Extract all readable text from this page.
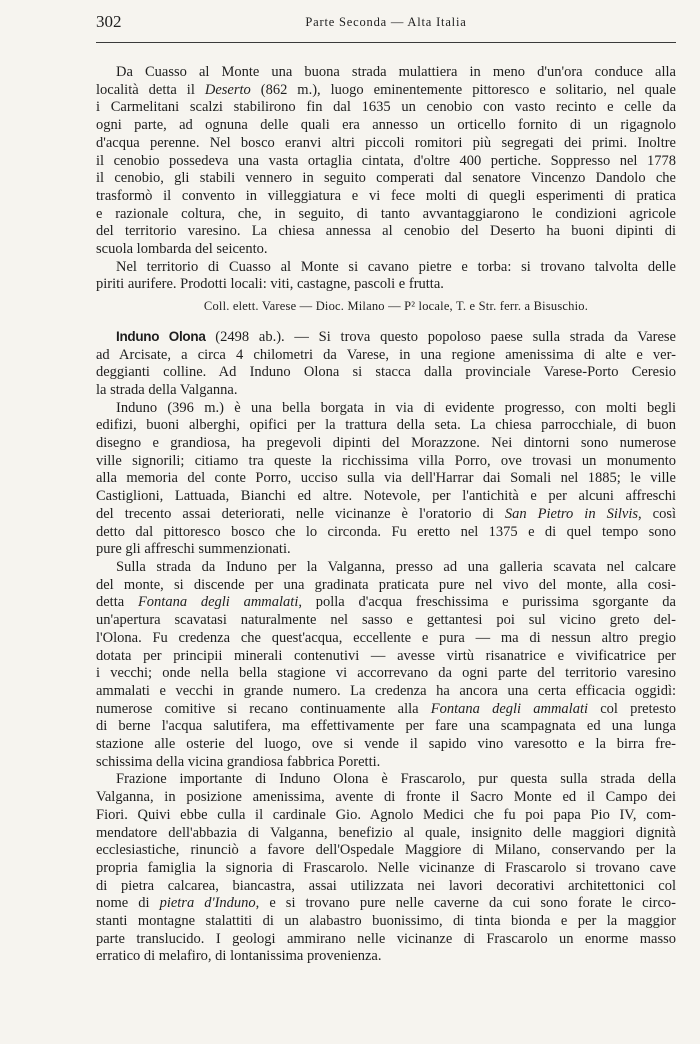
302	Parte Seconda — Alta Italia
Da Cuasso al Monte una buona strada mulattiera in meno d'un'ora conduce alla
località detta il Deserto (862 m.), luogo eminentemente pittoresco e solitario, nel quale
i Carmelitani scalzi stabilirono fin dal 1635 un cenobio con vasto recinto e celle da
ogni parte, ad ognuna delle quali era annesso un orticello fornito di un rigagnolo
d'acqua perenne. Nel bosco eranvi altri piccoli romitori più segregati dei primi. Inoltre
il cenobio possedeva una vasta ortaglia cintata, d'oltre 400 pertiche. Soppresso nel 1778
il cenobio, gli stabili vennero in seguito comperati dal senatore Vincenzo Dandolo che
trasformò il convento in villeggiatura e vi fece molti di quegli esperimenti di pratica
e razionale coltura, che, in seguito, di tanto avvantaggiarono le condizioni agricole
del territorio varesino. La chiesa annessa al cenobio del Deserto ha buoni dipinti di
scuola lombarda del seicento.
Nel territorio di Cuasso al Monte si cavano pietre e torba: si trovano talvolta delle
piriti aurifere. Prodotti locali: viti, castagne, pascoli e frutta.
Coll. elett. Varese — Dioc. Milano — P² locale, T. e Str. ferr. a Bisuschio.
Induno Olona (2498 ab.). — Si trova questo popoloso paese sulla strada da Varese
ad Arcisate, a circa 4 chilometri da Varese, in una regione amenissima di alte e ver-
deggianti colline. Ad Induno Olona si stacca dalla provinciale Varese-Porto Ceresio
la strada della Valganna.
Induno (396 m.) è una bella borgata in via di evidente progresso, con molti begli
edifizi, buoni alberghi, opifici per la trattura della seta. La chiesa parrocchiale, di buon
disegno e grandiosa, ha pregevoli dipinti del Morazzone. Nei dintorni sono numerose
ville signorili; citiamo tra queste la ricchissima villa Porro, ove trovasi un monumento
alla memoria del conte Porro, ucciso sulla via dell'Harrar dai Somali nel 1885; le ville
Castiglioni, Lattuada, Bianchi ed altre. Notevole, per l'antichità e per alcuni affreschi
del trecento assai deteriorati, nelle vicinanze è l'oratorio di San Pietro in Silvis, così
detto dal pittoresco bosco che lo circonda. Fu eretto nel 1375 e di quel tempo sono
pure gli affreschi summenzionati.
Sulla strada da Induno per la Valganna, presso ad una galleria scavata nel calcare
del monte, si discende per una gradinata praticata pure nel vivo del monte, alla cosi-
detta Fontana degli ammalati, polla d'acqua freschissima e purissima sgorgante da
un'apertura scavatasi naturalmente nel sasso e gettantesi poi sul vicino greto del-
l'Olona. Fu credenza che quest'acqua, eccellente e pura — ma di nessun altro pregio
dotata per principii minerali contenutivi — avesse virtù risanatrice e vivificatrice per
i vecchi; onde nella bella stagione vi accorrevano da ogni parte del territorio varesino
ammalati e vecchi in grande numero. La credenza ha ancora una certa efficacia oggidì:
numerose comitive si recano continuamente alla Fontana degli ammalati col pretesto
di berne l'acqua salutifera, ma effettivamente per fare una scampagnata ed una lunga
stazione alle osterie del luogo, ove si vende il sapido vino varesotto e la birra fre-
schissima della vicina grandiosa fabbrica Poretti.
Frazione importante di Induno Olona è Frascarolo, pur questa sulla strada della
Valganna, in posizione amenissima, avente di fronte il Sacro Monte ed il Campo dei
Fiori. Quivi ebbe culla il cardinale Gio. Agnolo Medici che fu poi papa Pio IV, com-
mendatore dell'abbazia di Valganna, benefizio al quale, insignito delle maggiori dignità
ecclesiastiche, rinunciò a favore dell'Ospedale Maggiore di Milano, conservando per la
propria famiglia la signoria di Frascarolo. Nelle vicinanze di Frascarolo si trovano cave
di pietra calcarea, biancastra, assai utilizzata nei lavori decorativi architettonici col
nome di pietra d'Induno, e si trovano pure nelle caverne da cui sono forate le circo-
stanti montagne stalattiti di un alabastro buonissimo, di tinta bionda e per la maggior
parte translucido. I geologi ammirano nelle vicinanze di Frascarolo un enorme masso
erratico di melafiro, di lontanissima provenienza.
